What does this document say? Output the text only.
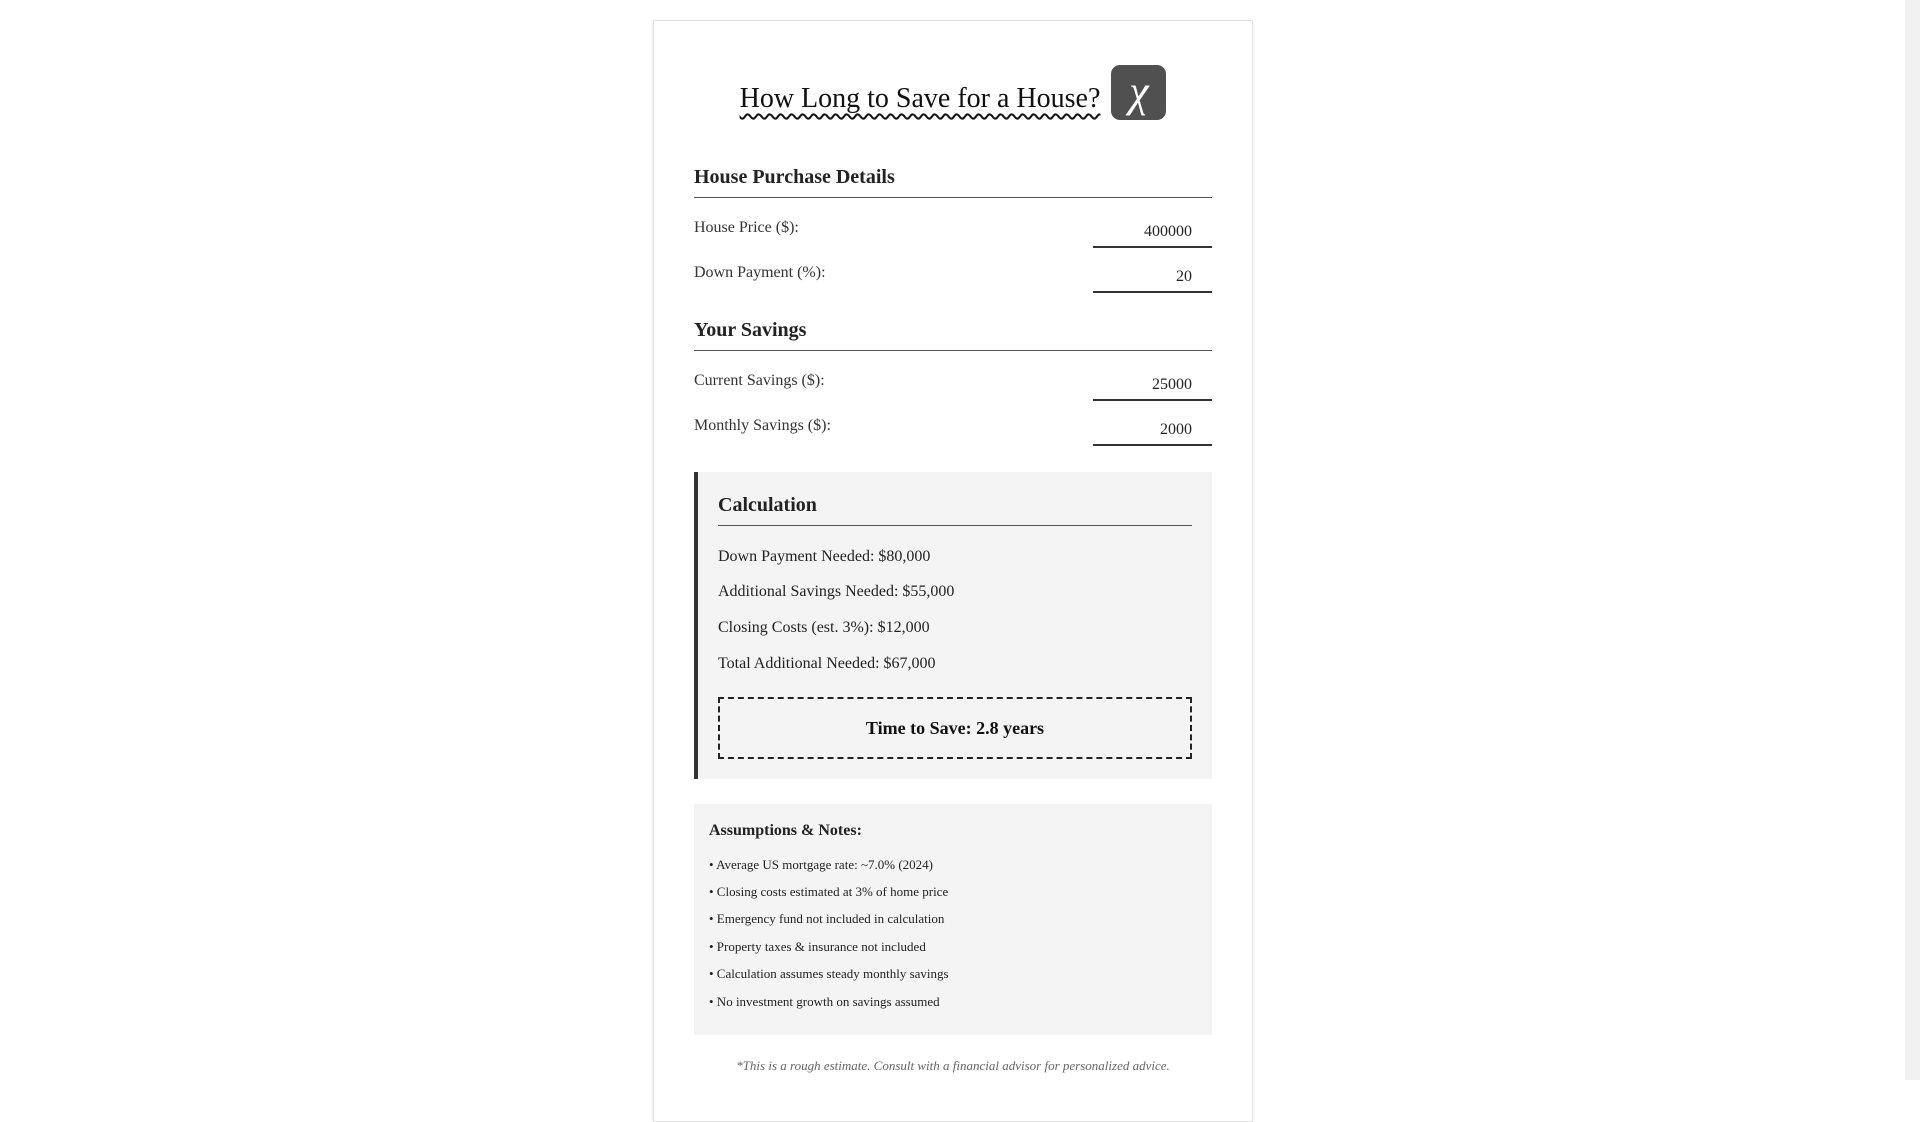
How Long to Save for a House? χ
House Purchase Details
House Price ($):
400000
Down Payment (%):
20
Your Savings
Current Savings ($):
25000
Monthly Savings ($):
2000
Calculation
Down Payment Needed: $80,000
Additional Savings Needed: $55,000
Closing Costs (est. 3%): $12,000
Total Additional Needed: $67,000
Time to Save: 2.8 years
Assumptions & Notes:
• Average US mortgage rate: ~7.0% (2024)
• Closing costs estimated at 3% of home price
• Emergency fund not included in calculation
• Property taxes & insurance not included
• Calculation assumes steady monthly savings
• No investment growth on savings assumed
*This is a rough estimate. Consult with a financial advisor for personalized advice.
